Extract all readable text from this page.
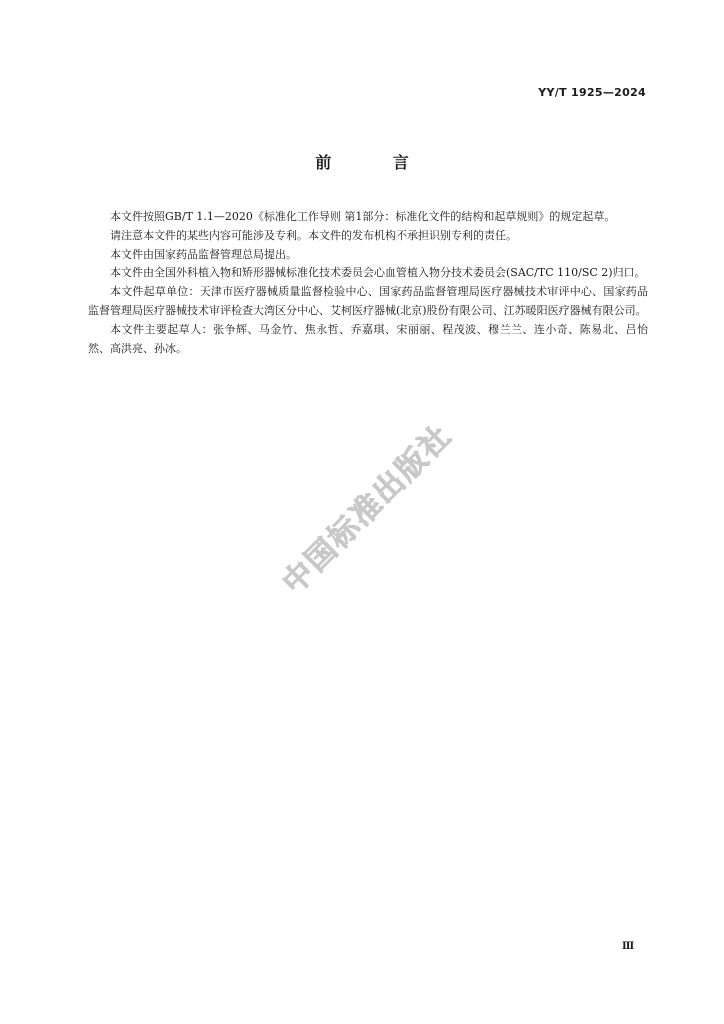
YY/T 1925—2024
前 言

本文件按照GB/T 1.1—2020《标准化工作导则 第1部分：标准化文件的结构和起草规则》的规定起草。

请注意本文件的某些内容可能涉及专利。本文件的发布机构不承担识别专利的责任。

本文件由国家药品监督管理总局提出。

本文件由全国外科植入物和矫形器械标准化技术委员会心血管植入物分技术委员会(SAC/TC 110/SC 2)归口。

本文件起草单位：天津市医疗器械质量监督检验中心、国家药品监督管理局医疗器械技术审评中心、国家药品监督管理局医疗器械技术审评检查大湾区分中心、艾柯医疗器械(北京)股份有限公司、江苏暖阳医疗器械有限公司。

本文件主要起草人：张争辉、马金竹、焦永哲、乔嘉琪、宋丽丽、程茂波、穆兰兰、连小奇、陈易北、吕怡然、高洪亮、孙冰。

中国标准出版社
Ⅲ
